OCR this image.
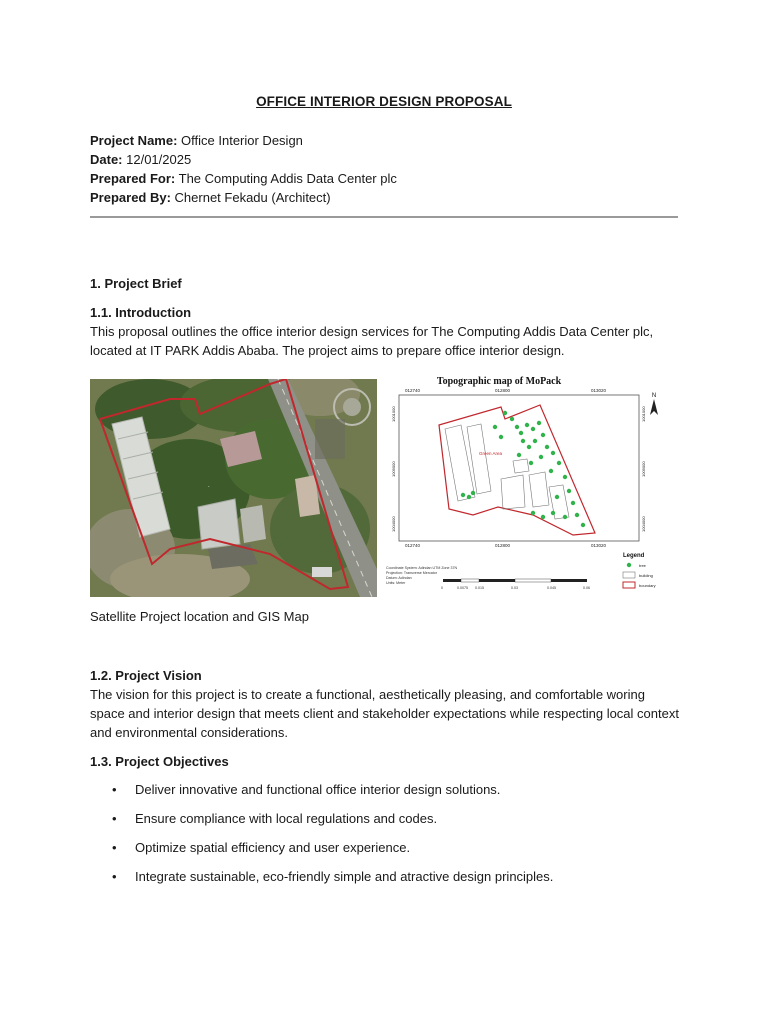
OFFICE INTERIOR DESIGN PROPOSAL
Project Name: Office Interior Design
Date: 12/01/2025
Prepared For: The Computing Addis Data Center plc
Prepared By: Chernet Fekadu (Architect)
1. Project Brief
1.1. Introduction
This proposal outlines the office interior design services for The Computing Addis Data Center plc, located at IT PARK Addis Ababa. The project aims to prepare office interior design.
.
Topographic map of MoPack
012740	012800	013020
012740	012800	013020
1001000
1009000
1004000
1001000
1009000
1004000
N
Green Area
Legend
tree
building
boundary
Coordinate System: Adindan UTM Zone 37N
Projection: Transverse Mercator
Datum: Adindan
Units: Meter
0	0.0075 0.015	0.03	0.045	0.06
Satellite Project location and GIS Map
1.2. Project Vision
The vision for this project is to create a functional, aesthetically pleasing, and comfortable woring space and interior design that meets client and stakeholder expectations while respecting local context and environmental considerations.
1.3. Project Objectives
• Deliver innovative and functional office interior design solutions.
• Ensure compliance with local regulations and codes.
• Optimize spatial efficiency and user experience.
• Integrate sustainable, eco-friendly simple and atractive design principles.
